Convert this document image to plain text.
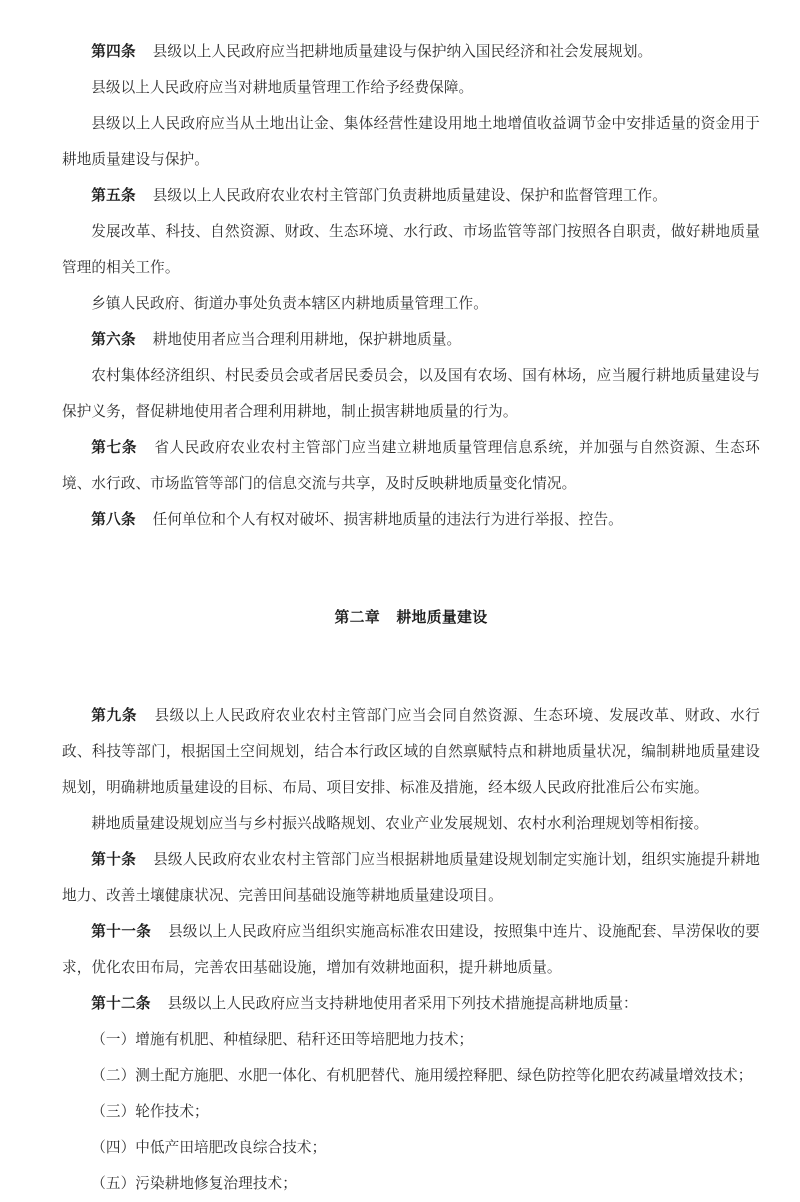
第四条 县级以上人民政府应当把耕地质量建设与保护纳入国民经济和社会发展规划。

县级以上人民政府应当对耕地质量管理工作给予经费保障。

县级以上人民政府应当从土地出让金、集体经营性建设用地土地增值收益调节金中安排适量的资金用于耕地质量建设与保护。

第五条 县级以上人民政府农业农村主管部门负责耕地质量建设、保护和监督管理工作。

发展改革、科技、自然资源、财政、生态环境、水行政、市场监管等部门按照各自职责，做好耕地质量管理的相关工作。

乡镇人民政府、街道办事处负责本辖区内耕地质量管理工作。

第六条 耕地使用者应当合理利用耕地，保护耕地质量。

农村集体经济组织、村民委员会或者居民委员会，以及国有农场、国有林场，应当履行耕地质量建设与保护义务，督促耕地使用者合理利用耕地，制止损害耕地质量的行为。

第七条 省人民政府农业农村主管部门应当建立耕地质量管理信息系统，并加强与自然资源、生态环境、水行政、市场监管等部门的信息交流与共享，及时反映耕地质量变化情况。

第八条 任何单位和个人有权对破坏、损害耕地质量的违法行为进行举报、控告。

第二章 耕地质量建设

第九条 县级以上人民政府农业农村主管部门应当会同自然资源、生态环境、发展改革、财政、水行政、科技等部门，根据国土空间规划，结合本行政区域的自然禀赋特点和耕地质量状况，编制耕地质量建设规划，明确耕地质量建设的目标、布局、项目安排、标准及措施，经本级人民政府批准后公布实施。

耕地质量建设规划应当与乡村振兴战略规划、农业产业发展规划、农村水利治理规划等相衔接。

第十条 县级人民政府农业农村主管部门应当根据耕地质量建设规划制定实施计划，组织实施提升耕地地力、改善土壤健康状况、完善田间基础设施等耕地质量建设项目。

第十一条 县级以上人民政府应当组织实施高标准农田建设，按照集中连片、设施配套、旱涝保收的要求，优化农田布局，完善农田基础设施，增加有效耕地面积，提升耕地质量。

第十二条 县级以上人民政府应当支持耕地使用者采用下列技术措施提高耕地质量：

（一）增施有机肥、种植绿肥、秸秆还田等培肥地力技术；

（二）测土配方施肥、水肥一体化、有机肥替代、施用缓控释肥、绿色防控等化肥农药减量增效技术；

（三）轮作技术；

（四）中低产田培肥改良综合技术；

（五）污染耕地修复治理技术；
